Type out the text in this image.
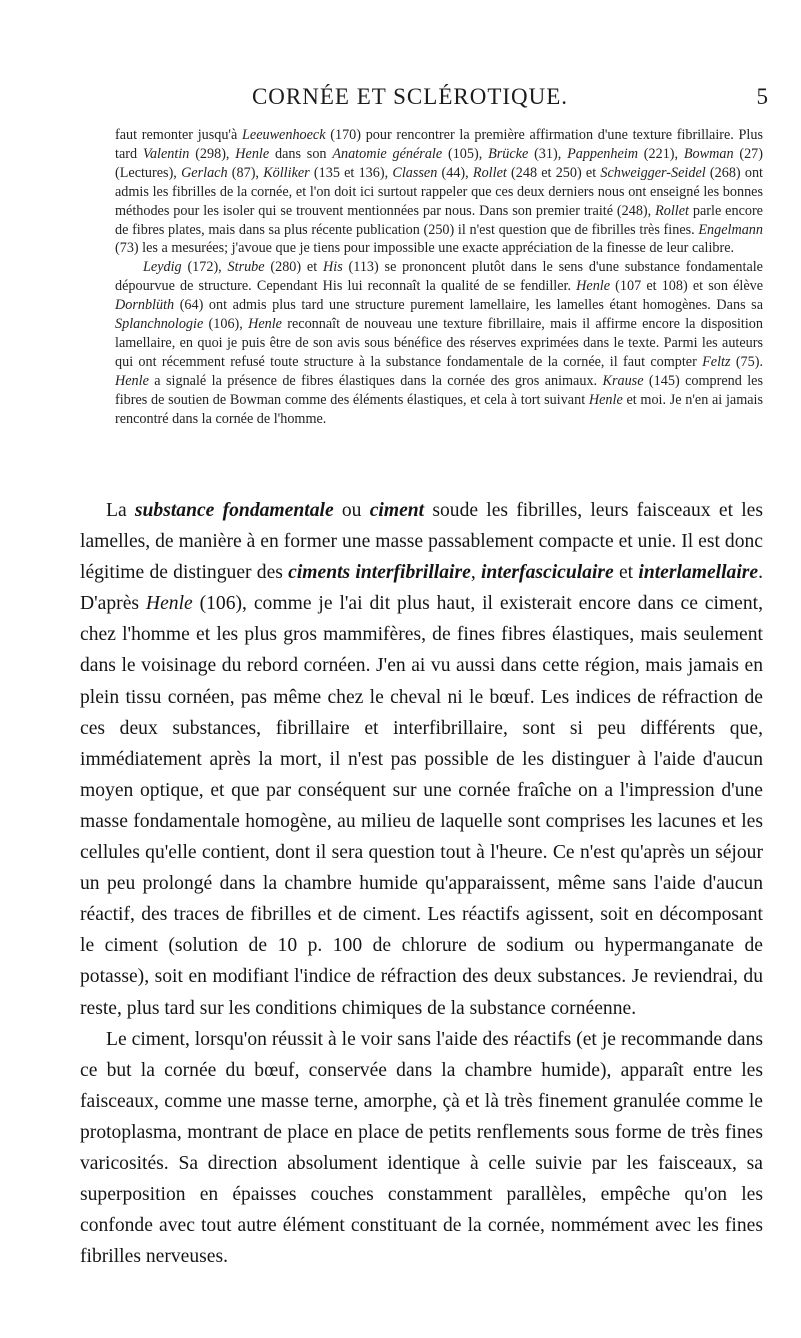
CORNÉE ET SCLÉROTIQUE.	5

faut remonter jusqu'à Leeuwenhoeck (170) pour rencontrer la première affirmation d'une texture fibrillaire. Plus tard Valentin (298), Henle dans son Anatomie générale (105), Brücke (31), Pappenheim (221), Bowman (27) (Lectures), Gerlach (87), Kölliker (135 et 136), Classen (44), Rollet (248 et 250) et Schweigger-Seidel (268) ont admis les fibrilles de la cornée, et l'on doit ici surtout rappeler que ces deux derniers nous ont enseigné les bonnes méthodes pour les isoler qui se trouvent mentionnées par nous. Dans son premier traité (248), Rollet parle encore de fibres plates, mais dans sa plus récente publication (250) il n'est question que de fibrilles très fines. Engelmann (73) les a mesurées; j'avoue que je tiens pour impossible une exacte appréciation de la finesse de leur calibre.

Leydig (172), Strube (280) et His (113) se prononcent plutôt dans le sens d'une substance fondamentale dépourvue de structure. Cependant His lui reconnaît la qualité de se fendiller. Henle (107 et 108) et son élève Dornblüth (64) ont admis plus tard une structure purement lamellaire, les lamelles étant homogènes. Dans sa Splanchnologie (106), Henle reconnaît de nouveau une texture fibrillaire, mais il affirme encore la disposition lamellaire, en quoi je puis être de son avis sous bénéfice des réserves exprimées dans le texte. Parmi les auteurs qui ont récemment refusé toute structure à la substance fondamentale de la cornée, il faut compter Feltz (75). Henle a signalé la présence de fibres élastiques dans la cornée des gros animaux. Krause (145) comprend les fibres de soutien de Bowman comme des éléments élastiques, et cela à tort suivant Henle et moi. Je n'en ai jamais rencontré dans la cornée de l'homme.

La substance fondamentale ou ciment soude les fibrilles, leurs faisceaux et les lamelles, de manière à en former une masse passablement compacte et unie. Il est donc légitime de distinguer des ciments interfibrillaire, interfasciculaire et interlamellaire. D'après Henle (106), comme je l'ai dit plus haut, il existerait encore dans ce ciment, chez l'homme et les plus gros mammifères, de fines fibres élastiques, mais seulement dans le voisinage du rebord cornéen. J'en ai vu aussi dans cette région, mais jamais en plein tissu cornéen, pas même chez le cheval ni le bœuf. Les indices de réfraction de ces deux substances, fibrillaire et interfibrillaire, sont si peu différents que, immédiatement après la mort, il n'est pas possible de les distinguer à l'aide d'aucun moyen optique, et que par conséquent sur une cornée fraîche on a l'impression d'une masse fondamentale homogène, au milieu de laquelle sont comprises les lacunes et les cellules qu'elle contient, dont il sera question tout à l'heure. Ce n'est qu'après un séjour un peu prolongé dans la chambre humide qu'apparaissent, même sans l'aide d'aucun réactif, des traces de fibrilles et de ciment. Les réactifs agissent, soit en décomposant le ciment (solution de 10 p. 100 de chlorure de sodium ou hypermanganate de potasse), soit en modifiant l'indice de réfraction des deux substances. Je reviendrai, du reste, plus tard sur les conditions chimiques de la substance cornéenne.

Le ciment, lorsqu'on réussit à le voir sans l'aide des réactifs (et je recommande dans ce but la cornée du bœuf, conservée dans la chambre humide), apparaît entre les faisceaux, comme une masse terne, amorphe, çà et là très finement granulée comme le protoplasma, montrant de place en place de petits renflements sous forme de très fines varicosités. Sa direction absolument identique à celle suivie par les faisceaux, sa superposition en épaisses couches constamment parallèles, empêche qu'on les confonde avec tout autre élément constituant de la cornée, nommément avec les fines fibrilles nerveuses.
